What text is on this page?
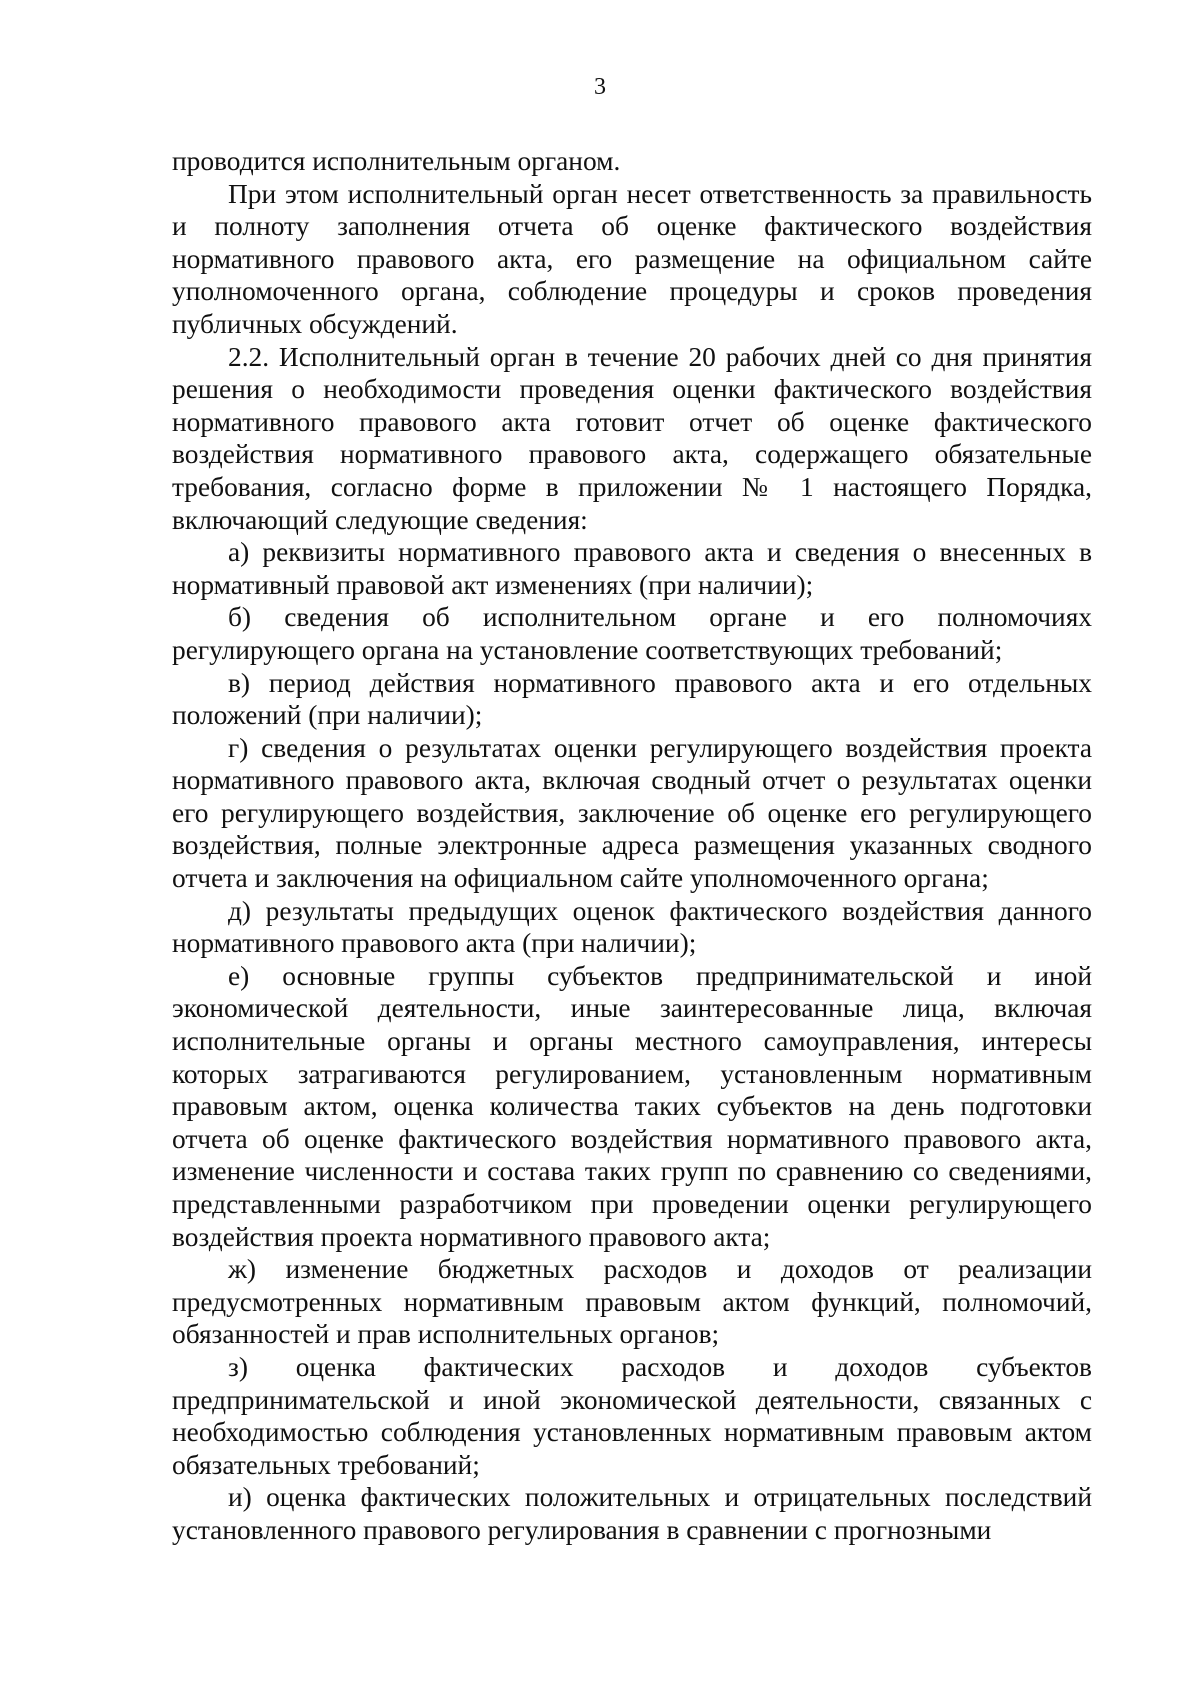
3

проводится исполнительным органом.

При этом исполнительный орган несет ответственность за правильность и полноту заполнения отчета об оценке фактического воздействия нормативного правового акта, его размещение на официальном сайте уполномоченного органа, соблюдение процедуры и сроков проведения публичных обсуждений.

2.2. Исполнительный орган в течение 20 рабочих дней со дня принятия решения о необходимости проведения оценки фактического воздействия нормативного правового акта готовит отчет об оценке фактического воздействия нормативного правового акта, содержащего обязательные требования, согласно форме в приложении № 1 настоящего Порядка, включающий следующие сведения:

а) реквизиты нормативного правового акта и сведения о внесенных в нормативный правовой акт изменениях (при наличии);

б) сведения об исполнительном органе и его полномочиях регулирующего органа на установление соответствующих требований;

в) период действия нормативного правового акта и его отдельных положений (при наличии);

г) сведения о результатах оценки регулирующего воздействия проекта нормативного правового акта, включая сводный отчет о результатах оценки его регулирующего воздействия, заключение об оценке его регулирующего воздействия, полные электронные адреса размещения указанных сводного отчета и заключения на официальном сайте уполномоченного органа;

д) результаты предыдущих оценок фактического воздействия данного нормативного правового акта (при наличии);

е) основные группы субъектов предпринимательской и иной экономической деятельности, иные заинтересованные лица, включая исполнительные органы и органы местного самоуправления, интересы которых затрагиваются регулированием, установленным нормативным правовым актом, оценка количества таких субъектов на день подготовки отчета об оценке фактического воздействия нормативного правового акта, изменение численности и состава таких групп по сравнению со сведениями, представленными разработчиком при проведении оценки регулирующего воздействия проекта нормативного правового акта;

ж) изменение бюджетных расходов и доходов от реализации предусмотренных нормативным правовым актом функций, полномочий, обязанностей и прав исполнительных органов;

з) оценка фактических расходов и доходов субъектов предпринимательской и иной экономической деятельности, связанных с необходимостью соблюдения установленных нормативным правовым актом обязательных требований;

и) оценка фактических положительных и отрицательных последствий установленного правового регулирования в сравнении с прогнозными
